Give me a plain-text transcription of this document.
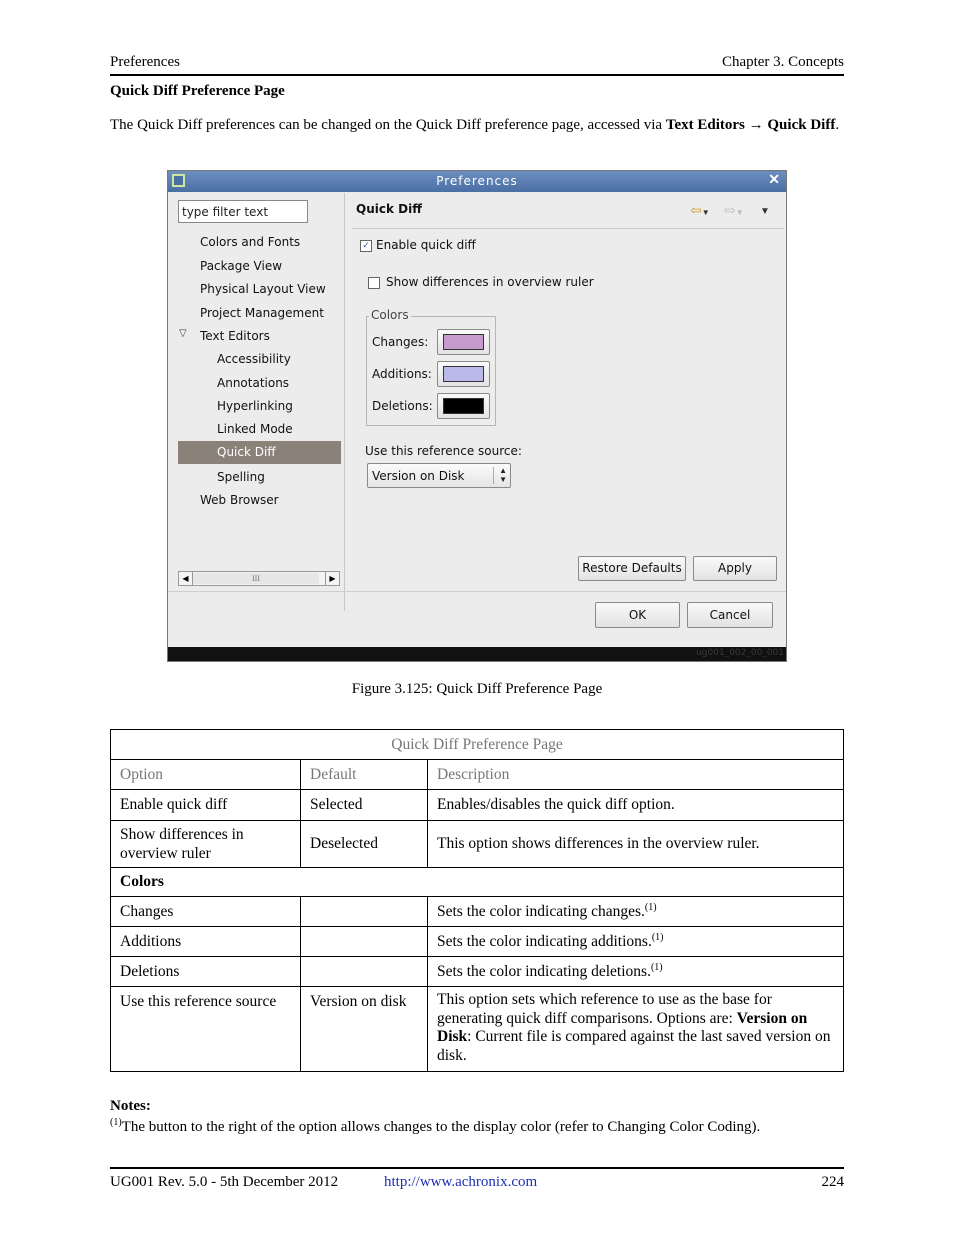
Preferences	Chapter 3. Concepts
Quick Diff Preference Page
The Quick Diff preferences can be changed on the Quick Diff preference page, accessed via Text Editors → Quick Diff.
Preferences	✕
type filter text
Colors and Fonts
Package View
Physical Layout View
Project Management
▽ Text Editors
Accessibility
Annotations
Hyperlinking
Linked Mode
Quick Diff
Spelling
Web Browser
◀	III	▶
Quick Diff	⇦▼ ⇨▼ ▼
✓ Enable quick diff
Show differences in overview ruler
Colors
Changes:
Additions:
Deletions:
Use this reference source:
Version on Disk	▲
▼
Restore Defaults	Apply
OK	Cancel
ug001_002_00_001
Figure 3.125: Quick Diff Preference Page
Quick Diff Preference Page		
Option	Default	Description
Enable quick diff	Selected	Enables/disables the quick diff option.
Show differences in overview ruler	Deselected	This option shows differences in the overview ruler.
Colors		
Changes		Sets the color indicating changes.$^{(1)}$
Additions		Sets the color indicating additions.$^{(1)}$
Deletions		Sets the color indicating deletions.$^{(1)}$
Use this reference source	Version on disk	This option sets which reference to use as the base for generating quick diff comparisons. Options are: Version on Disk: Current file is compared against the last saved version on disk.
Notes:
$^{(1)}$The button to the right of the option allows changes to the display color (refer to Changing Color Coding).
UG001 Rev. 5.0 - 5th December 2012	http://www.achronix.com	224
